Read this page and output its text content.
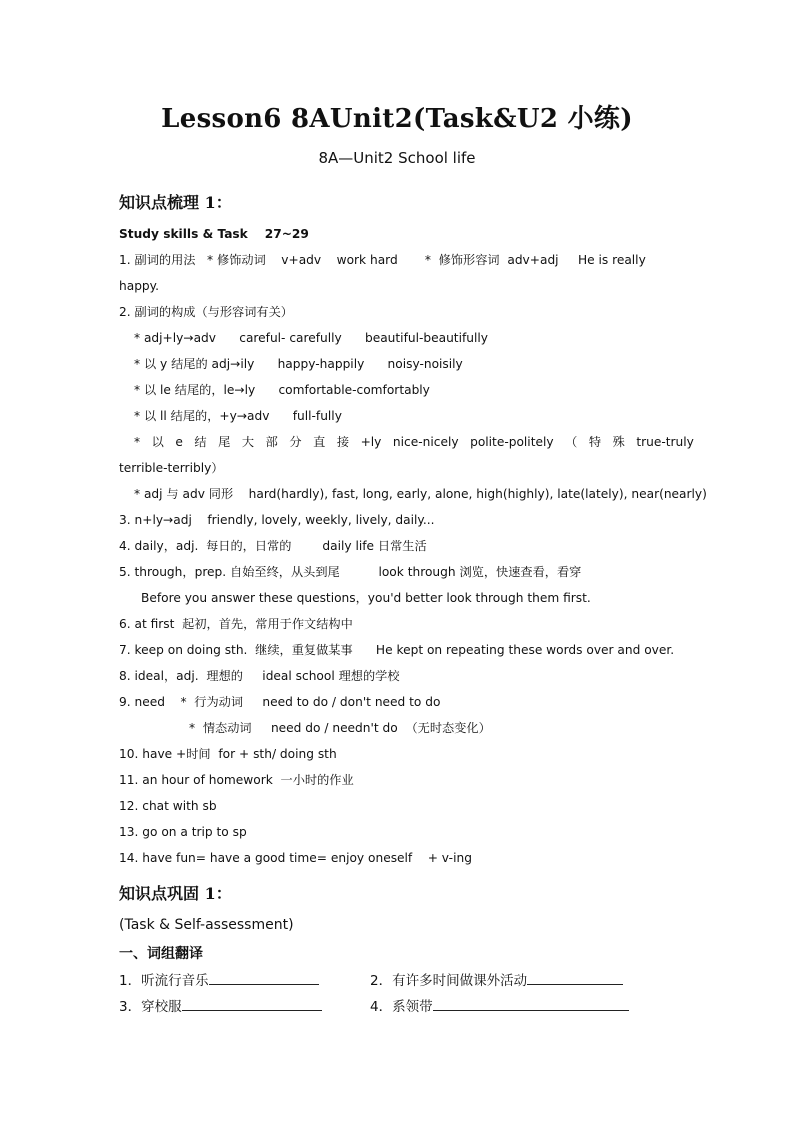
Lesson6 8AUnit2(Task&U2 小练)
8A—Unit2 School life
知识点梳理 1：
Study skills & Task    27~29
1. 副词的用法   * 修饰动词    v+adv    work hard       *  修饰形容词  adv+adj     He is really
happy.
2. 副词的构成（与形容词有关）
* adj+ly→adv      careful- carefully      beautiful-beautifully
* 以 y 结尾的 adj→ily      happy-happily      noisy-noisily
* 以 le 结尾的，le→ly      comfortable-comfortably
* 以 ll 结尾的，+y→adv      full-fully
* 以 e 结 尾 大 部 分 直 接 +ly nice-nicely polite-politely （ 特 殊 true-truly
terrible-terribly）
* adj 与 adv 同形    hard(hardly), fast, long, early, alone, high(highly), late(lately), near(nearly)
3. n+ly→adj    friendly, lovely, weekly, lively, daily...
4. daily，adj.  每日的，日常的        daily life 日常生活
5. through，prep. 自始至终，从头到尾          look through 浏览，快速查看，看穿
Before you answer these questions，you'd better look through them first.
6. at first  起初，首先，常用于作文结构中
7. keep on doing sth.  继续，重复做某事      He kept on repeating these words over and over.
8. ideal，adj.  理想的     ideal school 理想的学校
9. need    *  行为动词     need to do / don't need to do
*  情态动词     need do / needn't do  （无时态变化）
10. have +时间  for + sth/ doing sth
11. an hour of homework  一小时的作业
12. chat with sb
13. go on a trip to sp
14. have fun= have a good time= enjoy oneself    + v-ing
知识点巩固 1：
(Task & Self-assessment)
一、词组翻译
1．听流行音乐	2．有许多时间做课外活动
3．穿校服	4．系领带
